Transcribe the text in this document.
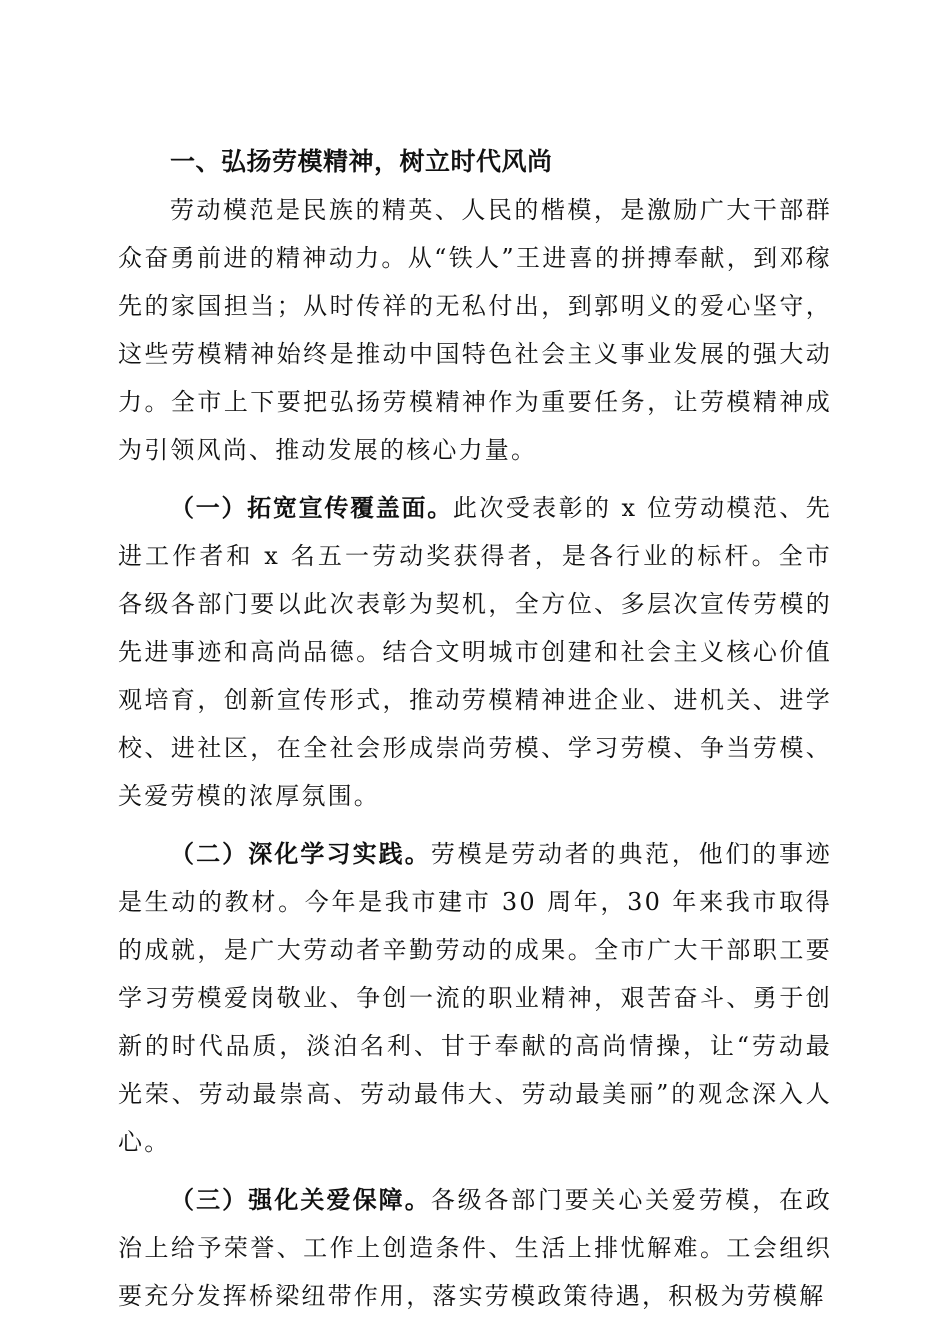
一、弘扬劳模精神，树立时代风尚

劳动模范是民族的精英、人民的楷模，是激励广大干部群众奋勇前进的精神动力。从“铁人”王进喜的拼搏奉献，到邓稼先的家国担当；从时传祥的无私付出，到郭明义的爱心坚守，这些劳模精神始终是推动中国特色社会主义事业发展的强大动力。全市上下要把弘扬劳模精神作为重要任务，让劳模精神成为引领风尚、推动发展的核心力量。

（一）拓宽宣传覆盖面。此次受表彰的 x 位劳动模范、先进工作者和 x 名五一劳动奖获得者，是各行业的标杆。全市各级各部门要以此次表彰为契机，全方位、多层次宣传劳模的先进事迹和高尚品德。结合文明城市创建和社会主义核心价值观培育，创新宣传形式，推动劳模精神进企业、进机关、进学校、进社区，在全社会形成崇尚劳模、学习劳模、争当劳模、关爱劳模的浓厚氛围。

（二）深化学习实践。劳模是劳动者的典范，他们的事迹是生动的教材。今年是我市建市 30 周年，30 年来我市取得的成就，是广大劳动者辛勤劳动的成果。全市广大干部职工要学习劳模爱岗敬业、争创一流的职业精神，艰苦奋斗、勇于创新的时代品质，淡泊名利、甘于奉献的高尚情操，让“劳动最光荣、劳动最崇高、劳动最伟大、劳动最美丽”的观念深入人心。

（三）强化关爱保障。各级各部门要关心关爱劳模，在政治上给予荣誉、工作上创造条件、生活上排忧解难。工会组织要充分发挥桥梁纽带作用，落实劳模政策待遇，积极为劳模解
